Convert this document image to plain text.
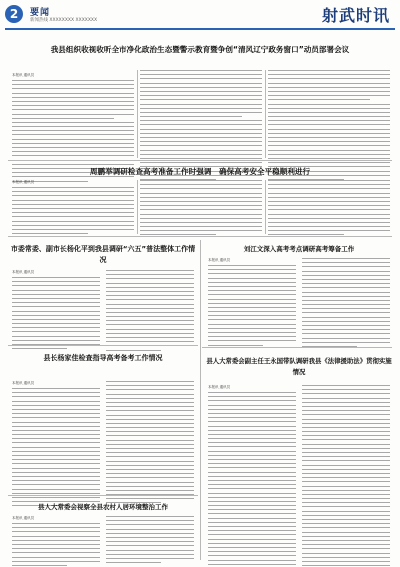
2	要闻
新闻热线 XXXXXXXX XXXXXXX	射武时讯
我县组织收视收听全市净化政治生态暨警示教育暨争创“清风辽宁政务窗口”动员部署会议
本报讯 通讯员
周鹏举调研检查高考准备工作时强调　确保高考安全平稳顺利进行
本报讯 通讯员
市委常委、副市长杨化平到我县调研“六五”普法整体工作情况
本报讯 通讯员
刘江文深入高考考点调研高考筹备工作
本报讯 通讯员
县长杨家佳检查指导高考备考工作情况
本报讯 通讯员
县人大常委会副主任王永国带队调研我县《法律援助法》贯彻实施情况
本报讯 通讯员
县人大常委会视察全县农村人居环境整治工作
本报讯 通讯员
